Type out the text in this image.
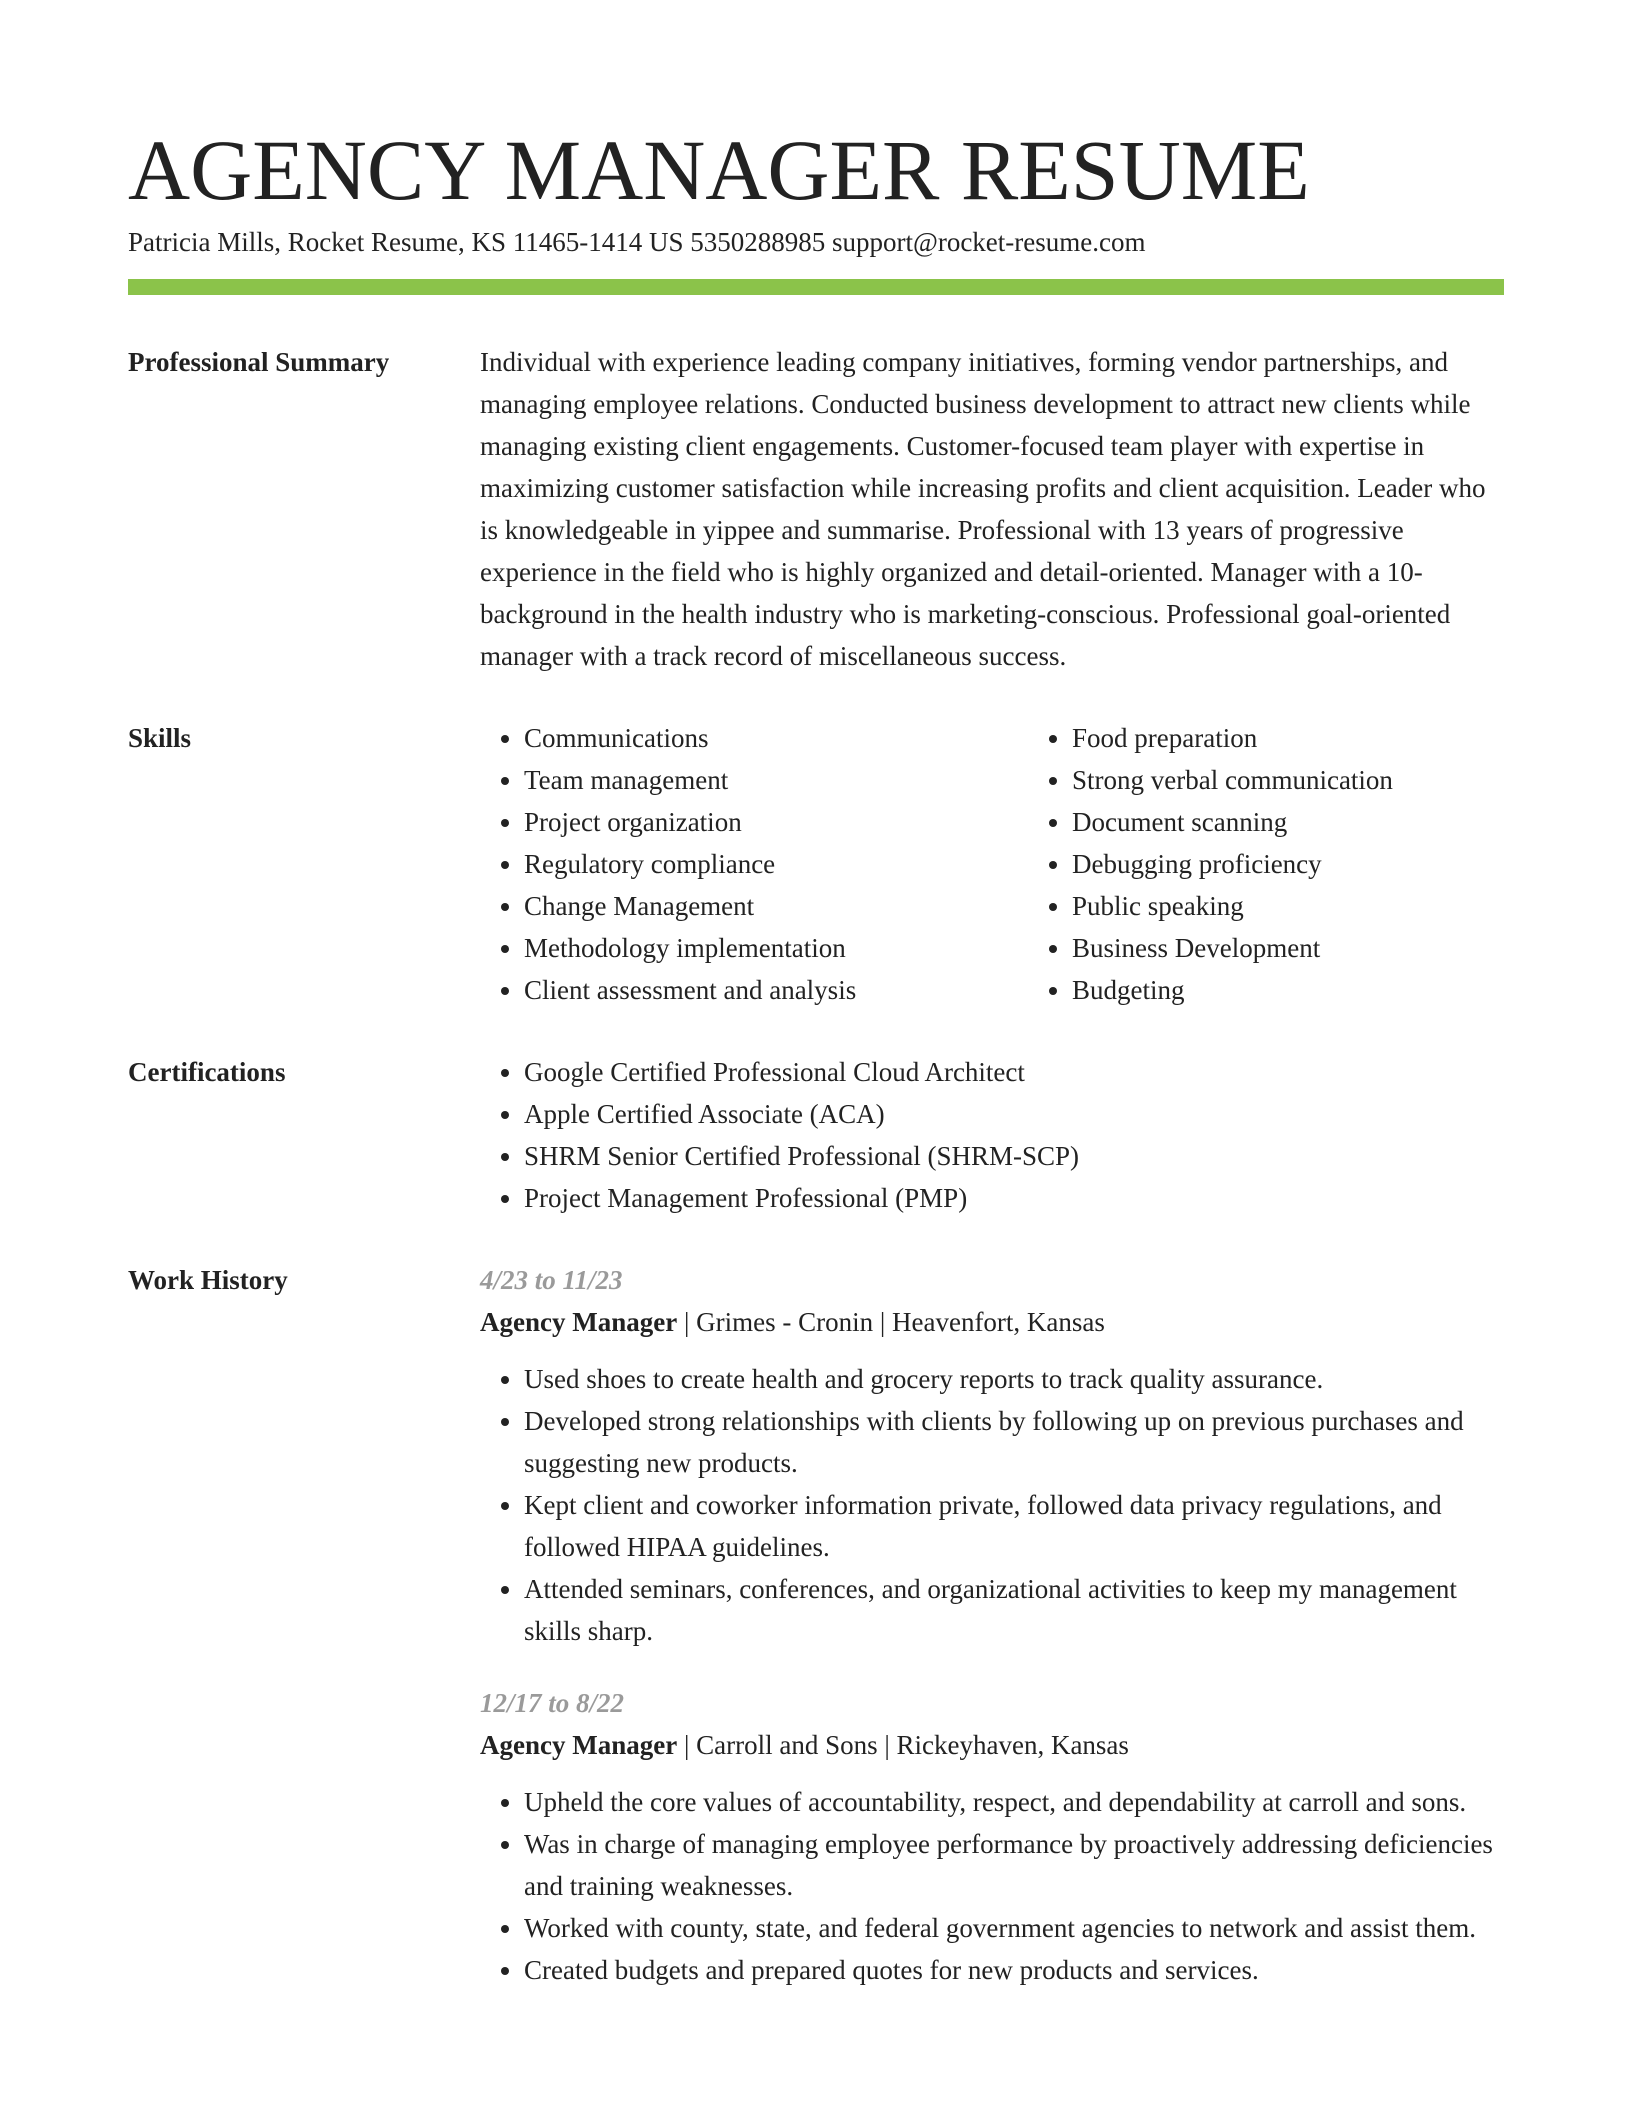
AGENCY MANAGER RESUME
Patricia Mills, Rocket Resume, KS 11465-1414 US 5350288985 support@rocket-resume.com
Professional Summary	Individual with experience leading company initiatives, forming vendor partnerships, and managing employee relations. Conducted business development to attract new clients while managing existing client engagements. Customer-focused team player with expertise in maximizing customer satisfaction while increasing profits and client acquisition. Leader who is knowledgeable in yippee and summarise. Professional with 13 years of progressive experience in the field who is highly organized and detail-oriented. Manager with a 10-background in the health industry who is marketing-conscious. Professional goal-oriented manager with a track record of miscellaneous success.

Skills	• Communications
• Team management
• Project organization
• Regulatory compliance
• Change Management
• Methodology implementation
• Client assessment and analysis
• Food preparation
• Strong verbal communication
• Document scanning
• Debugging proficiency
• Public speaking
• Business Development
• Budgeting
Certifications	• Google Certified Professional Cloud Architect
• Apple Certified Associate (ACA)
• SHRM Senior Certified Professional (SHRM-SCP)
• Project Management Professional (PMP)
Work History	4/23 to 11/23
Agency Manager | Grimes - Cronin | Heavenfort, Kansas
• Used shoes to create health and grocery reports to track quality assurance.
• Developed strong relationships with clients by following up on previous purchases and suggesting new products.
• Kept client and coworker information private, followed data privacy regulations, and followed HIPAA guidelines.
• Attended seminars, conferences, and organizational activities to keep my management skills sharp.
12/17 to 8/22
Agency Manager | Carroll and Sons | Rickeyhaven, Kansas
• Upheld the core values of accountability, respect, and dependability at carroll and sons.
• Was in charge of managing employee performance by proactively addressing deficiencies and training weaknesses.
• Worked with county, state, and federal government agencies to network and assist them.
• Created budgets and prepared quotes for new products and services.
